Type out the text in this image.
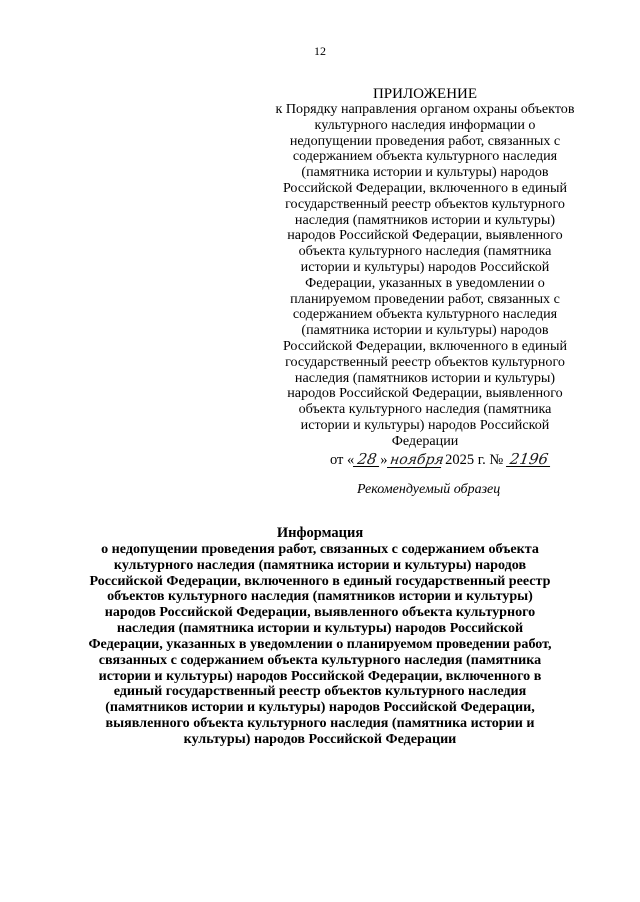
12
ПРИЛОЖЕНИЕ
к Порядку направления органом охраны объектов
культурного наследия информации о
недопущении проведения работ, связанных с
содержанием объекта культурного наследия
(памятника истории и культуры) народов
Российской Федерации, включенного в единый
государственный реестр объектов культурного
наследия (памятников истории и культуры)
народов Российской Федерации, выявленного
объекта культурного наследия (памятника
истории и культуры) народов Российской
Федерации, указанных в уведомлении о
планируемом проведении работ, связанных с
содержанием объекта культурного наследия
(памятника истории и культуры) народов
Российской Федерации, включенного в единый
государственный реестр объектов культурного
наследия (памятников истории и культуры)
народов Российской Федерации, выявленного
объекта культурного наследия (памятника
истории и культуры) народов Российской
Федерации
от « 28 »ноября 2025 г. № 2196
Рекомендуемый образец
Информация
о недопущении проведения работ, связанных с содержанием объекта
культурного наследия (памятника истории и культуры) народов
Российской Федерации, включенного в единый государственный реестр
объектов культурного наследия (памятников истории и культуры)
народов Российской Федерации, выявленного объекта культурного
наследия (памятника истории и культуры) народов Российской
Федерации, указанных в уведомлении о планируемом проведении работ,
связанных с содержанием объекта культурного наследия (памятника
истории и культуры) народов Российской Федерации, включенного в
единый государственный реестр объектов культурного наследия
(памятников истории и культуры) народов Российской Федерации,
выявленного объекта культурного наследия (памятника истории и
культуры) народов Российской Федерации
